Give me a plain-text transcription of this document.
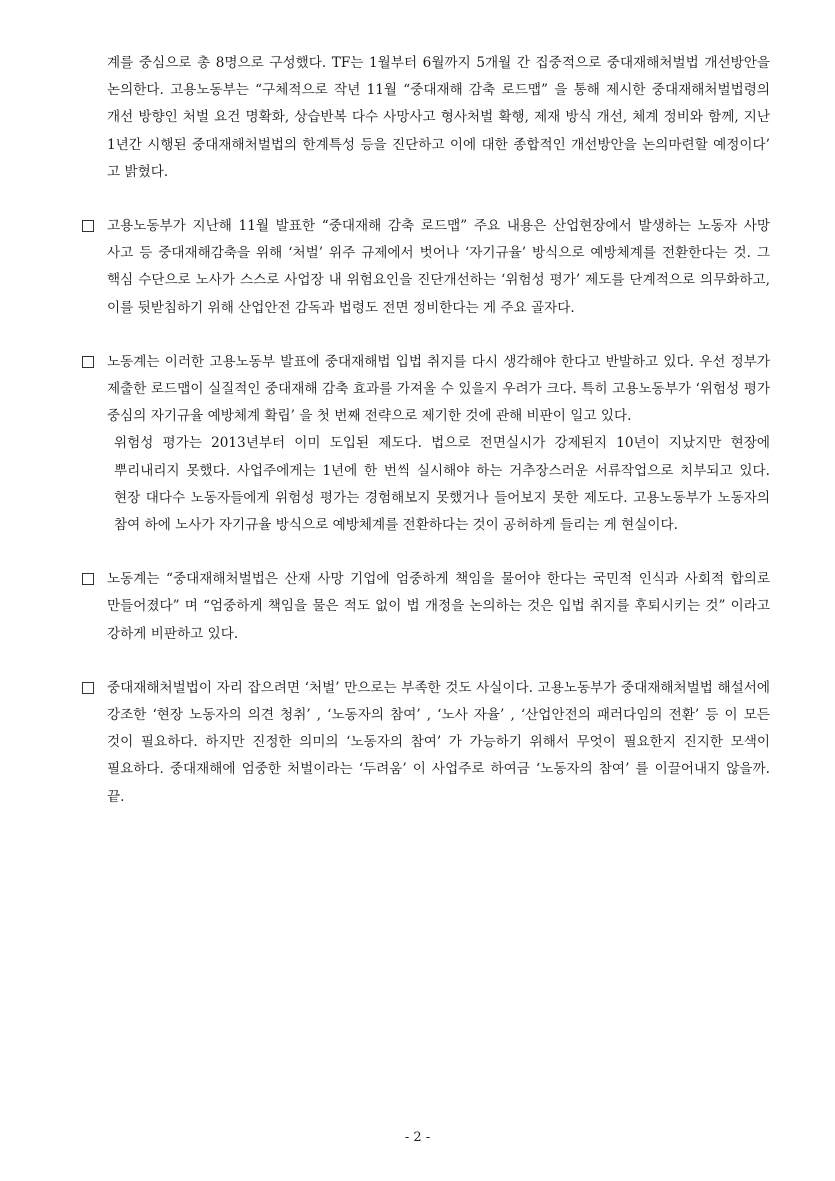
계를 중심으로 총 8명으로 구성했다. TF는 1월부터 6월까지 5개월 간 집중적으로 중대재해처벌법 개선방안을 논의한다. 고용노동부는 “구체적으로 작년 11월 “중대재해 감축 로드맵” 을 통해 제시한 중대재해처벌법령의 개선 방향인 처벌 요건 명확화, 상습반복 다수 사망사고 형사처벌 확행, 제재 방식 개선, 체계 정비와 함께, 지난 1년간 시행된 중대재해처벌법의 한계특성 등을 진단하고 이에 대한 종합적인 개선방안을 논의마련할 예정이다’ 고 밝혔다.

고용노동부가 지난해 11월 발표한 “중대재해 감축 로드맵” 주요 내용은 산업현장에서 발생하는 노동자 사망 사고 등 중대재해감축을 위해 ‘처벌’ 위주 규제에서 벗어나 ‘자기규율’ 방식으로 예방체계를 전환한다는 것. 그 핵심 수단으로 노사가 스스로 사업장 내 위험요인을 진단개선하는 ‘위험성 평가’ 제도를 단계적으로 의무화하고, 이를 뒷받침하기 위해 산업안전 감독과 법령도 전면 정비한다는 게 주요 골자다.

노동계는 이러한 고용노동부 발표에 중대재해법 입법 취지를 다시 생각해야 한다고 반발하고 있다. 우선 정부가 제출한 로드맵이 실질적인 중대재해 감축 효과를 가져올 수 있을지 우려가 크다. 특히 고용노동부가 ‘위험성 평가 중심의 자기규율 예방체계 확립’ 을 첫 번째 전략으로 제기한 것에 관해 비판이 일고 있다.

위험성 평가는 2013년부터 이미 도입된 제도다. 법으로 전면실시가 강제된지 10년이 지났지만 현장에 뿌리내리지 못했다. 사업주에게는 1년에 한 번씩 실시해야 하는 거추장스러운 서류작업으로 치부되고 있다. 현장 대다수 노동자들에게 위험성 평가는 경험해보지 못했거나 들어보지 못한 제도다. 고용노동부가 노동자의 참여 하에 노사가 자기규율 방식으로 예방체계를 전환하다는 것이 공허하게 들리는 게 현실이다.

노동계는 “중대재해처벌법은 산재 사망 기업에 엄중하게 책임을 물어야 한다는 국민적 인식과 사회적 합의로 만들어졌다” 며 “엄중하게 책임을 물은 적도 없이 법 개정을 논의하는 것은 입법 취지를 후퇴시키는 것” 이라고 강하게 비판하고 있다.

중대재해처벌법이 자리 잡으려면 ‘처벌’ 만으로는 부족한 것도 사실이다. 고용노동부가 중대재해처벌법 해설서에 강조한 ‘현장 노동자의 의견 청취’ , ‘노동자의 참여’ , ‘노사 자율’ , ‘산업안전의 패러다임의 전환’ 등 이 모든 것이 필요하다. 하지만 진정한 의미의 ‘노동자의 참여’ 가 가능하기 위해서 무엇이 필요한지 진지한 모색이 필요하다. 중대재해에 엄중한 처벌이라는 ‘두려움’ 이 사업주로 하여금 ‘노동자의 참여’ 를 이끌어내지 않을까. 끝.

- 2 -
